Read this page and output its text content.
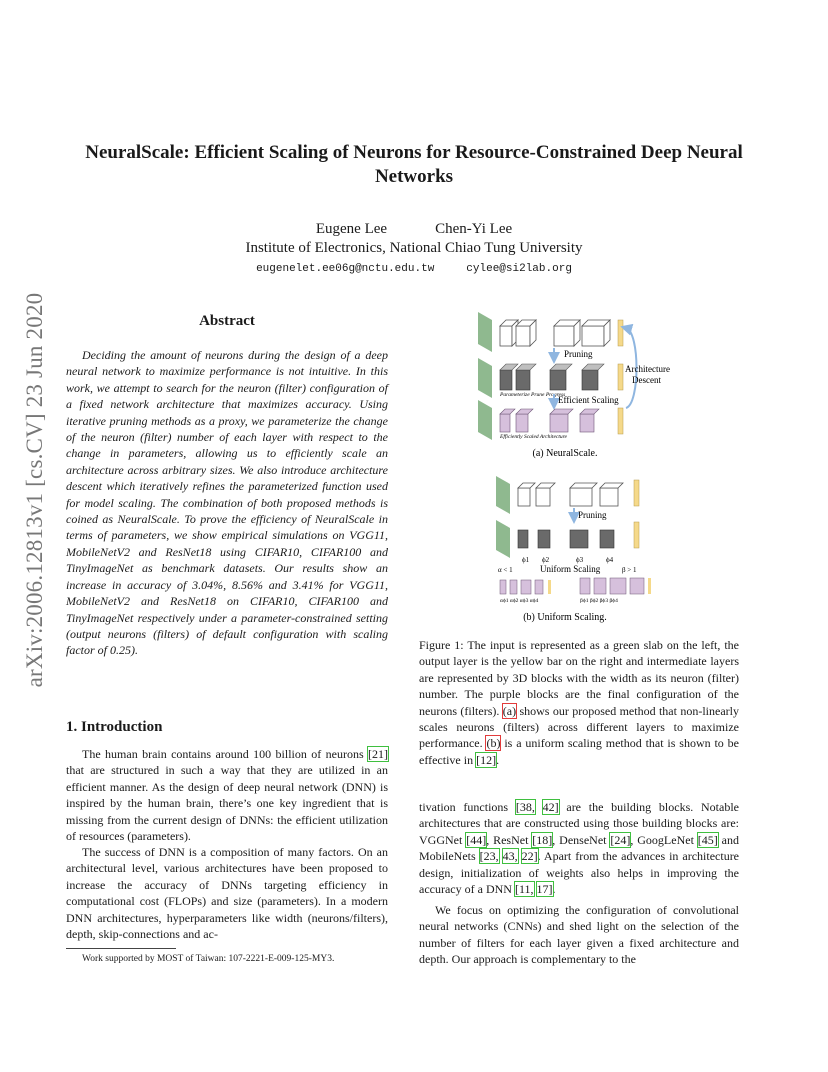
arXiv:2006.12813v1 [cs.CV] 23 Jun 2020
NeuralScale: Efficient Scaling of Neurons for Resource-Constrained Deep Neural Networks
Eugene Lee	Chen-Yi Lee
Institute of Electronics, National Chiao Tung University
eugenelet.ee06g@nctu.edu.tw	cylee@si2lab.org
Abstract
Deciding the amount of neurons during the design of a deep neural network to maximize performance is not intuitive. In this work, we attempt to search for the neuron (filter) configuration of a fixed network architecture that maximizes accuracy. Using iterative pruning methods as a proxy, we parameterize the change of the neuron (filter) number of each layer with respect to the change in parameters, allowing us to efficiently scale an architecture across arbitrary sizes. We also introduce architecture descent which iteratively refines the parameterized function used for model scaling. The combination of both proposed methods is coined as NeuralScale. To prove the efficiency of NeuralScale in terms of parameters, we show empirical simulations on VGG11, MobileNetV2 and ResNet18 using CIFAR10, CIFAR100 and TinyImageNet as benchmark datasets. Our results show an increase in accuracy of 3.04%, 8.56% and 3.41% for VGG11, MobileNetV2 and ResNet18 on CIFAR10, CIFAR100 and TinyImageNet respectively under a parameter-constrained setting (output neurons (filters) of default configuration with scaling factor of 0.25).
1. Introduction
The human brain contains around 100 billion of neurons [21] that are structured in such a way that they are utilized in an efficient manner. As the design of deep neural network (DNN) is inspired by the human brain, there’s one key ingredient that is missing from the current design of DNNs: the efficient utilization of resources (parameters).
The success of DNN is a composition of many factors. On an architectural level, various architectures have been proposed to increase the accuracy of DNNs targeting efficiency in computational cost (FLOPs) and size (parameters). In a modern DNN architectures, hyperparameters like width (neurons/filters), depth, skip-connections and ac-
Work supported by MOST of Taiwan: 107-2221-E-009-125-MY3.
Pruning
Parameterize Prune Progress
Efficient Scaling
Architecture
Descent
Efficiently Scaled Architecture
(a) NeuralScale.
Pruning
ϕ1 ϕ2	ϕ3	ϕ4
α < 1	Uniform Scaling	β > 1
αϕ1 αϕ2 αϕ3 αϕ4	βϕ1 βϕ2 βϕ3 βϕ4
(b) Uniform Scaling.
Figure 1: The input is represented as a green slab on the left, the output layer is the yellow bar on the right and intermediate layers are represented by 3D blocks with the width as its neuron (filter) number. The purple blocks are the final configuration of the neurons (filters). (a) shows our proposed method that non-linearly scales neurons (filters) across different layers to maximize performance. (b) is a uniform scaling method that is shown to be effective in [12].
tivation functions [38, 42] are the building blocks. Notable architectures that are constructed using those building blocks are: VGGNet [44], ResNet [18], DenseNet [24], GoogLeNet [45] and MobileNets [23, 43, 22]. Apart from the advances in architecture design, initialization of weights also helps in improving the accuracy of a DNN [11, 17].
We focus on optimizing the configuration of convolutional neural networks (CNNs) and shed light on the selection of the number of filters for each layer given a fixed architecture and depth. Our approach is complementary to the
